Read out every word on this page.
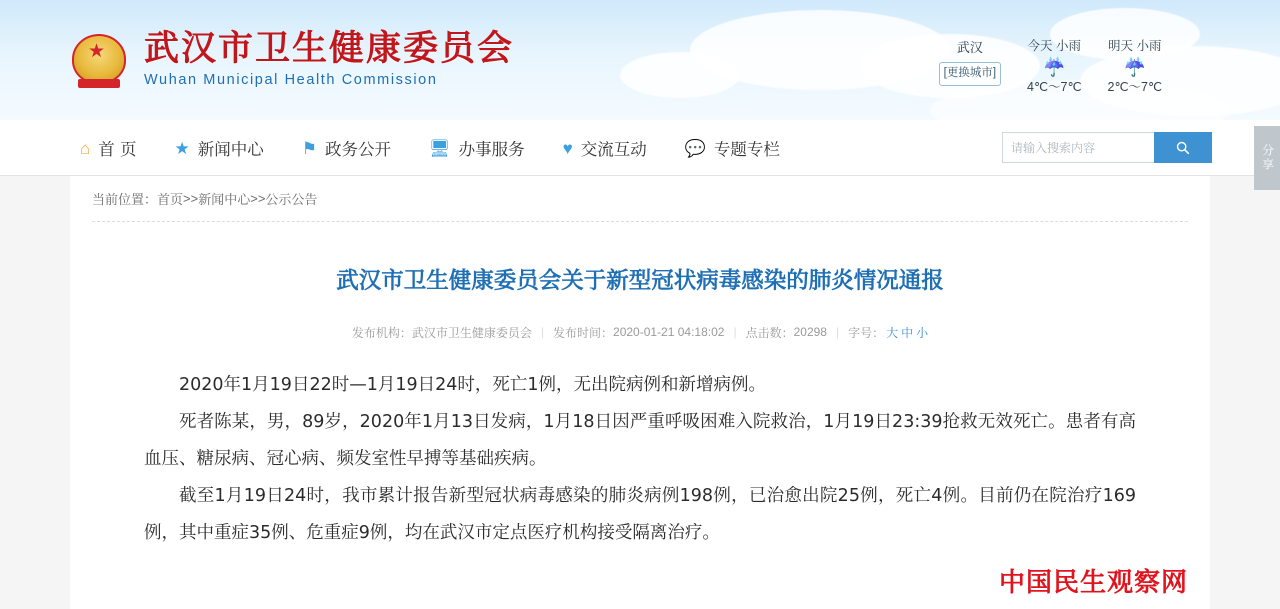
★ 武汉市卫生健康委员会
Wuhan Municipal Health Commission
武汉
[更换城市]
今天 小雨
☔
4℃～7℃
明天 小雨
☔
2℃～7℃
⌂ 首 页 ★ 新闻中心 ⚑ 政务公开 🖥 办事服务 ♥ 交流互动 💬 专题专栏
请输入搜索内容	分享
当前位置： 首页 >> 新闻中心 >> 公示公告
武汉市卫生健康委员会关于新型冠状病毒感染的肺炎情况通报
发布机构： 武汉市卫生健康委员会 | 发布时间： 2020-01-21 04:18:02 | 点击数： 20298 | 字号： 大 中 小

2020年1月19日22时—1月19日24时，死亡1例，无出院病例和新增病例。

死者陈某，男，89岁，2020年1月13日发病，1月18日因严重呼吸困难入院救治，1月19日23:39抢救无效死亡。患者有高血压、糖尿病、冠心病、频发室性早搏等基础疾病。

截至1月19日24时，我市累计报告新型冠状病毒感染的肺炎病例198例，已治愈出院25例，死亡4例。目前仍在院治疗169例，其中重症35例、危重症9例，均在武汉市定点医疗机构接受隔离治疗。

中国民生观察网
